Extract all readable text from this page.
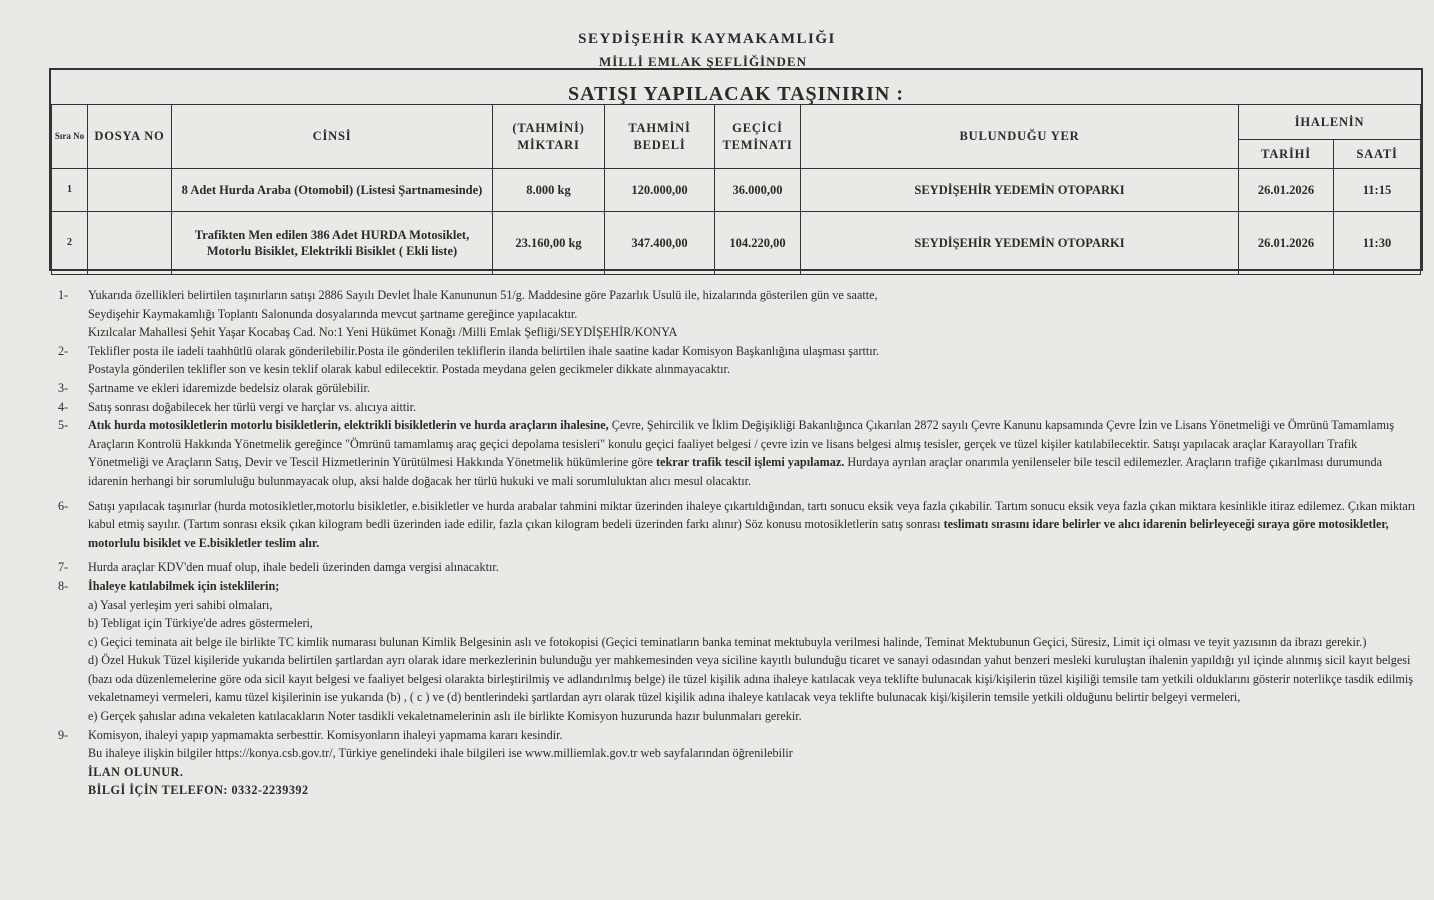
SEYDİŞEHİR KAYMAKAMLIĞI
MİLLİ EMLAK ŞEFLİĞİNDEN
SATIŞI YAPILACAK TAŞINIRIN :
Sıra No	DOSYA NO	CİNSİ	(TAHMİNİ) MİKTARI	TAHMİNİ BEDELİ	GEÇİCİ TEMİNATI	BULUNDUĞU YER	İHALENİN	
							TARİHİ	SAATİ
1		8 Adet Hurda Araba (Otomobil) (Listesi Şartnamesinde)	8.000 kg	120.000,00	36.000,00	SEYDİŞEHİR YEDEMİN OTOPARKI	26.01.2026	11:15
2		Trafikten Men edilen 386 Adet HURDA Motosiklet, Motorlu Bisiklet, Elektrikli Bisiklet ( Ekli liste)	23.160,00 kg	347.400,00	104.220,00	SEYDİŞEHİR YEDEMİN OTOPARKI	26.01.2026	11:30
1- Yukarıda özellikleri belirtilen taşınırların satışı 2886 Sayılı Devlet İhale Kanununun 51/g. Maddesine göre Pazarlık Usulü ile, hizalarında gösterilen gün ve saatte,
Seydişehir Kaymakamlığı Toplantı Salonunda dosyalarında mevcut şartname gereğince yapılacaktır.
Kızılcalar Mahallesi Şehit Yaşar Kocabaş Cad. No:1 Yeni Hükümet Konağı /Milli Emlak Şefliği/SEYDİŞEHİR/KONYA
2- Teklifler posta ile iadeli taahhütlü olarak gönderilebilir.Posta ile gönderilen tekliflerin ilanda belirtilen ihale saatine kadar Komisyon Başkanlığına ulaşması şarttır.
Postayla gönderilen teklifler son ve kesin teklif olarak kabul edilecektir. Postada meydana gelen gecikmeler dikkate alınmayacaktır.
3- Şartname ve ekleri idaremizde bedelsiz olarak görülebilir.
4- Satış sonrası doğabilecek her türlü vergi ve harçlar vs. alıcıya aittir.
5- Atık hurda motosikletlerin motorlu bisikletlerin, elektrikli bisikletlerin ve hurda araçların ihalesine, Çevre, Şehircilik ve İklim Değişikliği Bakanlığınca Çıkarılan 2872 sayılı Çevre Kanunu kapsamında Çevre İzin ve Lisans Yönetmeliği ve Ömrünü Tamamlamış Araçların Kontrolü Hakkında Yönetmelik gereğince "Ömrünü tamamlamış araç geçici depolama tesisleri" konulu geçici faaliyet belgesi / çevre izin ve lisans belgesi almış tesisler, gerçek ve tüzel kişiler katılabilecektir. Satışı yapılacak araçlar Karayolları Trafik Yönetmeliği ve Araçların Satış, Devir ve Tescil Hizmetlerinin Yürütülmesi Hakkında Yönetmelik hükümlerine göre tekrar trafik tescil işlemi yapılamaz. Hurdaya ayrılan araçlar onarımla yenilenseler bile tescil edilemezler. Araçların trafiğe çıkarılması durumunda idarenin herhangi bir sorumluluğu bulunmayacak olup, aksi halde doğacak her türlü hukuki ve mali sorumluluktan alıcı mesul olacaktır.
6- Satışı yapılacak taşınırlar (hurda motosikletler,motorlu bisikletler, e.bisikletler ve hurda arabalar tahmini miktar üzerinden ihaleye çıkartıldığından, tartı sonucu eksik veya fazla çıkabilir. Tartım sonucu eksik veya fazla çıkan miktara kesinlikle itiraz edilemez. Çıkan miktarı kabul etmiş sayılır. (Tartım sonrası eksik çıkan kilogram bedli üzerinden iade edilir, fazla çıkan kilogram bedeli üzerinden farkı alınır) Söz konusu motosikletlerin satış sonrası teslimatı sırasını idare belirler ve alıcı idarenin belirleyeceği sıraya göre motosikletler, motorlulu bisiklet ve E.bisikletler teslim alır.
7- Hurda araçlar KDV'den muaf olup, ihale bedeli üzerinden damga vergisi alınacaktır.
8- İhaleye katılabilmek için isteklilerin;
a) Yasal yerleşim yeri sahibi olmaları,
b) Tebligat için Türkiye'de adres göstermeleri,
c) Geçici teminata ait belge ile birlikte TC kimlik numarası bulunan Kimlik Belgesinin aslı ve fotokopisi (Geçici teminatların banka teminat mektubuyla verilmesi halinde, Teminat Mektubunun Geçici, Süresiz, Limit içi olması ve teyit yazısının da ibrazı gerekir.)
d) Özel Hukuk Tüzel kişileride yukarıda belirtilen şartlardan ayrı olarak idare merkezlerinin bulunduğu yer mahkemesinden veya siciline kayıtlı bulunduğu ticaret ve sanayi odasından yahut benzeri mesleki kuruluştan ihalenin yapıldığı yıl içinde alınmış sicil kayıt belgesi (bazı oda düzenlemelerine göre oda sicil kayıt belgesi ve faaliyet belgesi olarakta birleştirilmiş ve adlandırılmış belge) ile tüzel kişilik adına ihaleye katılacak veya teklifte bulunacak kişi/kişilerin tüzel kişiliği temsile tam yetkili olduklarını gösterir noterlikçe tasdik edilmiş vekaletnameyi vermeleri, kamu tüzel kişilerinin ise yukarıda (b) , ( c ) ve (d) bentlerindeki şartlardan ayrı olarak tüzel kişilik adına ihaleye katılacak veya teklifte bulunacak kişi/kişilerin temsile yetkili olduğunu belirtir belgeyi vermeleri,
e) Gerçek şahıslar adına vekaleten katılacakların Noter tasdikli vekaletnamelerinin aslı ile birlikte Komisyon huzurunda hazır bulunmaları gerekir.
9- Komisyon, ihaleyi yapıp yapmamakta serbesttir. Komisyonların ihaleyi yapmama kararı kesindir.
Bu ihaleye ilişkin bilgiler https://konya.csb.gov.tr/, Türkiye genelindeki ihale bilgileri ise www.milliemlak.gov.tr web sayfalarından öğrenilebilir
İLAN OLUNUR.
BİLGİ İÇİN TELEFON: 0332-2239392
